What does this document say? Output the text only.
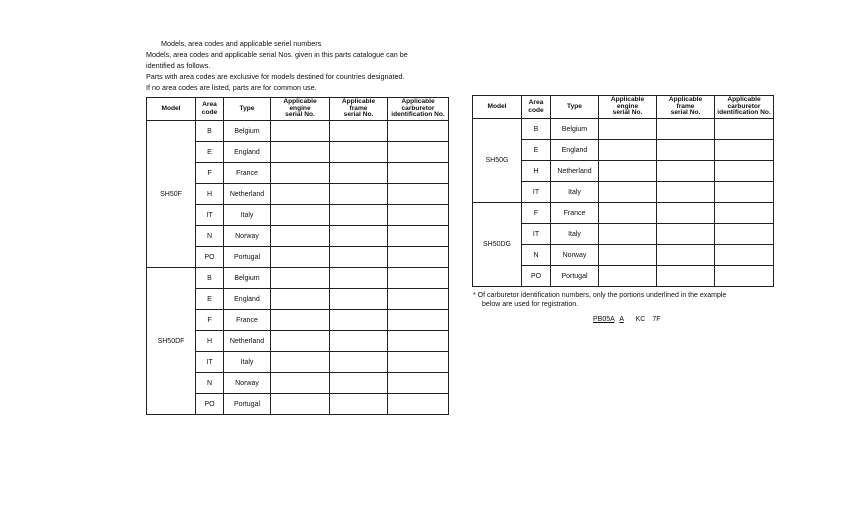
Models, area codes and applicable seriel numbers
Models, area codes and applicable serial Nos. given in this parts catalogue can be
identified as follows.
Parts with area codes are exclusive for models destined for countries designated.
If no area codes are listed, parts are for common use.
Model	Area
code	Type	Applicable
engine
serial No.	Applicable
frame
serial No.	Applicable
carburetor
identification No.

SH50F	B	Belgium			
	E	England			
	F	France			
	H	Netherland			
	IT	Italy			
	N	Norway			
	PO	Portugal			
SH50DF	B	Belgium			
	E	England			
	F	France			
	H	Netherland			
	IT	Italy			
	N	Norway			
	PO	Portugal			
Model	Area
code	Type	Applicable
engine
serial No.	Applicable
frame
serial No.	Applicable
carburetor
identification No.

SH50G	B	Belgium			
	E	England			
	H	Netherland			
	IT	Italy			
SH50DG	F	France			
	IT	Italy			
	N	Norway			
	PO	Portugal			
* Of carburetor identification numbers, only the portions underlined in the example
below are used for registration.
PB05A A KC 7F
